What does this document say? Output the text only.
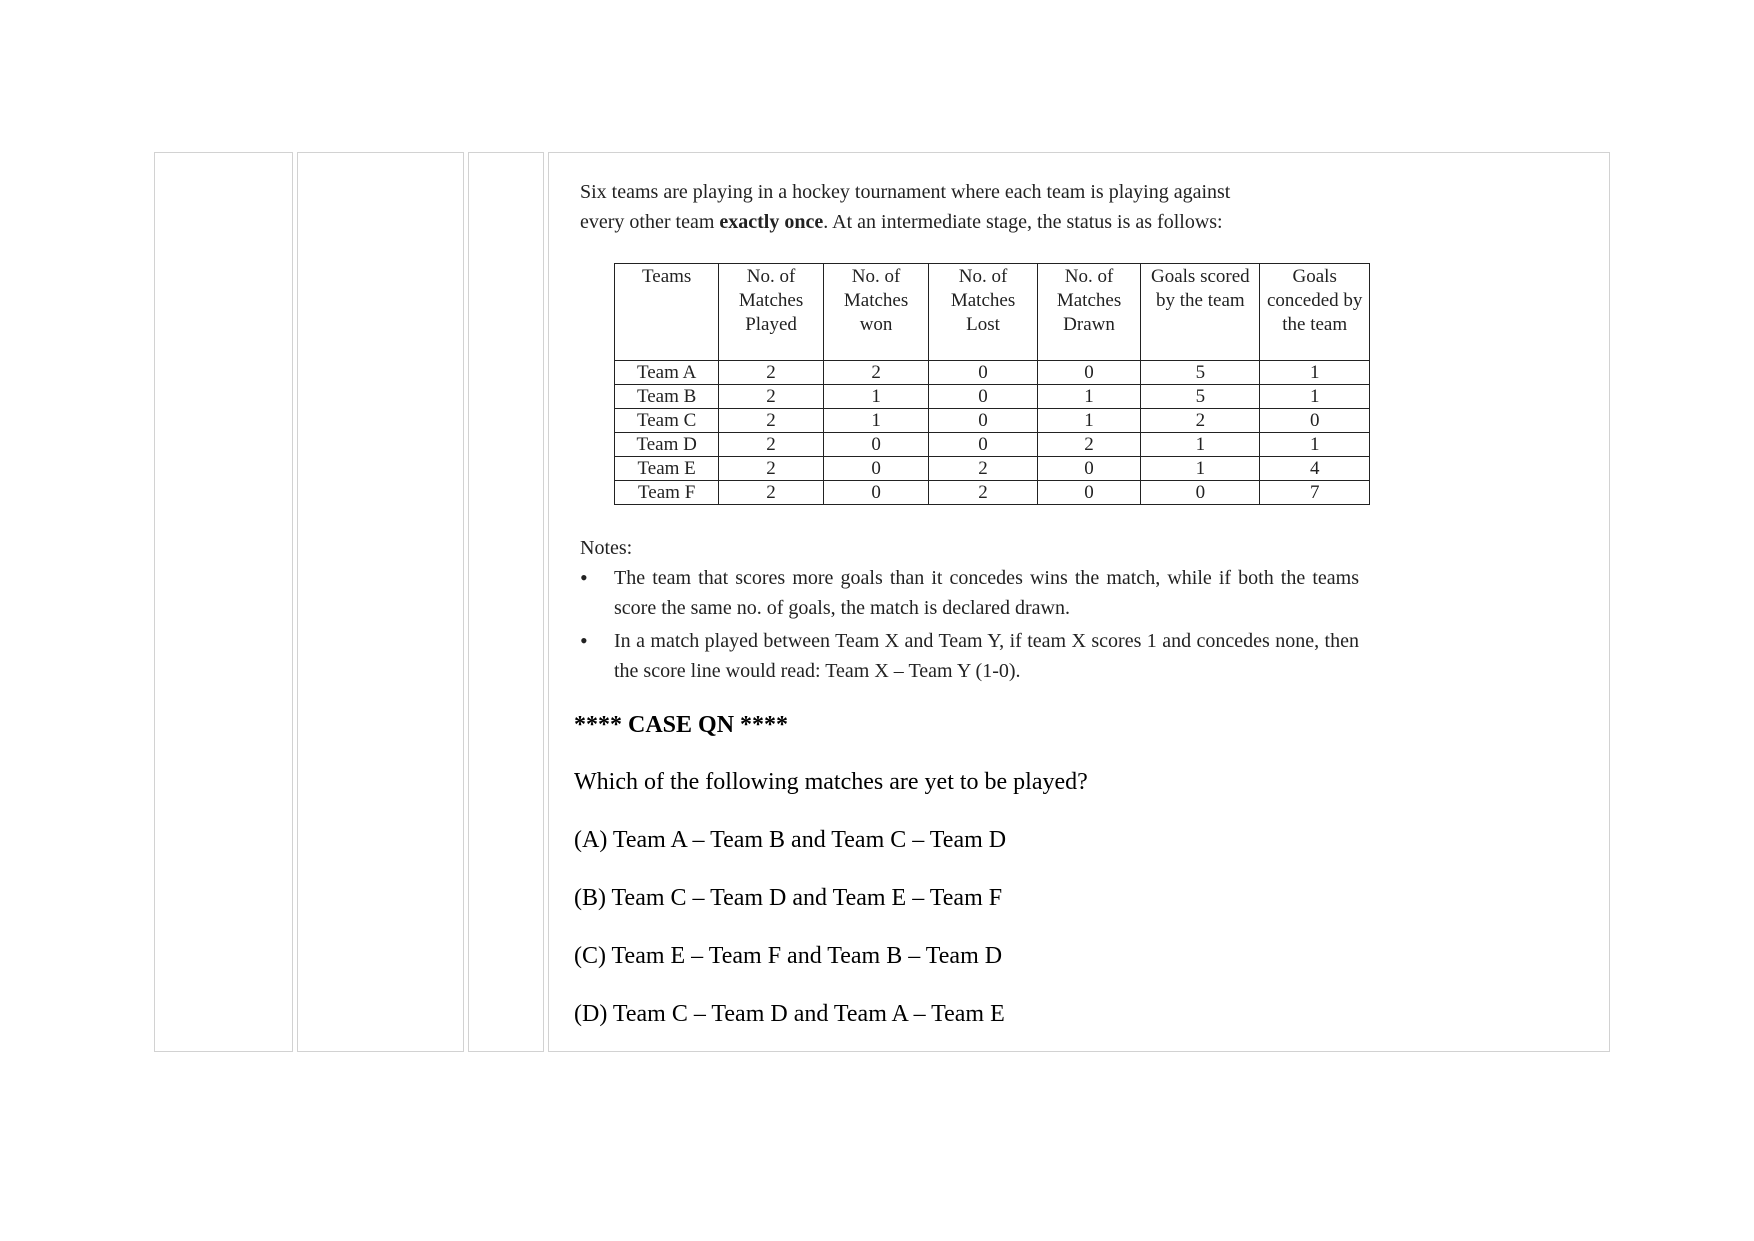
Six teams are playing in a hockey tournament where each team is playing against
every other team exactly once. At an intermediate stage, the status is as follows:

Teams	No. of Matches Played	No. of Matches won	No. of Matches Lost	No. of Matches Drawn	Goals scored by the team	Goals conceded by the team
Team A	2	2	0	0	5	1
Team B	2	1	0	1	5	1
Team C	2	1	0	1	2	0
Team D	2	0	0	2	1	1
Team E	2	0	2	0	1	4
Team F	2	0	2	0	0	7

Notes:

• The team that scores more goals than it concedes wins the match, while if both the teams score the same no. of goals, the match is declared drawn.
• In a match played between Team X and Team Y, if team X scores 1 and concedes none, then the score line would read: Team X – Team Y (1-0).
**** CASE QN ****
Which of the following matches are yet to be played?
(A) Team A – Team B and Team C – Team D
(B) Team C – Team D and Team E – Team F
(C) Team E – Team F and Team B – Team D
(D) Team C – Team D and Team A – Team E
